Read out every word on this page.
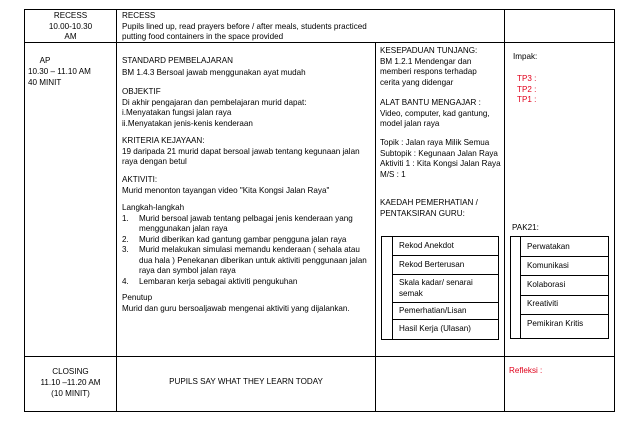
RECESS
10.00-10.30
AM
RECESS
Pupils lined up, read prayers before / after meals, students practiced
putting food containers in the space provided
AP
10.30 – 11.10 AM
40 MINIT
STANDARD PEMBELAJARAN
BM 1.4.3 Bersoal jawab menggunakan ayat mudah
OBJEKTIF
Di akhir pengajaran dan pembelajaran murid dapat:
i.Menyatakan fungsi jalan raya
ii.Menyatakan jenis-kenis kenderaan
KRITERIA KEJAYAAN:
19 daripada 21 murid dapat bersoal jawab tentang kegunaan jalan
raya dengan betul
AKTIVITI:
Murid menonton tayangan video "Kita Kongsi Jalan Raya"
Langkah-langkah
1. Murid bersoal jawab tentang pelbagai jenis kenderaan yang
menggunakan jalan raya
2. Murid diberikan kad gantung gambar pengguna jalan raya
3. Murid melakukan simulasi memandu kenderaan ( sehala atau
dua hala ) Penekanan diberikan untuk aktiviti penggunaan jalan
raya dan symbol jalan raya
4. Lembaran kerja sebagai aktiviti pengukuhan
Penutup
Murid dan guru bersoaljawab mengenai aktiviti yang dijalankan.
KESEPADUAN TUNJANG:
BM 1.2.1 Mendengar dan
memberi respons terhadap
cerita yang didengar
ALAT BANTU MENGAJAR :
Video, computer, kad gantung,
model jalan raya
Topik : Jalan raya Milik Semua
Subtopik : Kegunaan Jalan Raya
Aktiviti 1 : Kita Kongsi Jalan Raya
M/S : 1
KAEDAH PEMERHATIAN /
PENTAKSIRAN GURU:
Rekod Anekdot
Rekod Berterusan
Skala kadar/ senarai
semak
Pemerhatian/Lisan
Hasil Kerja (Ulasan)
Impak:
TP3 :
TP2 :
TP1 :
PAK21:
Perwatakan
Komunikasi
Kolaborasi
Kreativiti
Pemikiran Kritis
CLOSING
11.10 –11.20 AM
(10 MINIT)
PUPILS SAY WHAT THEY LEARN TODAY
Refleksi :
